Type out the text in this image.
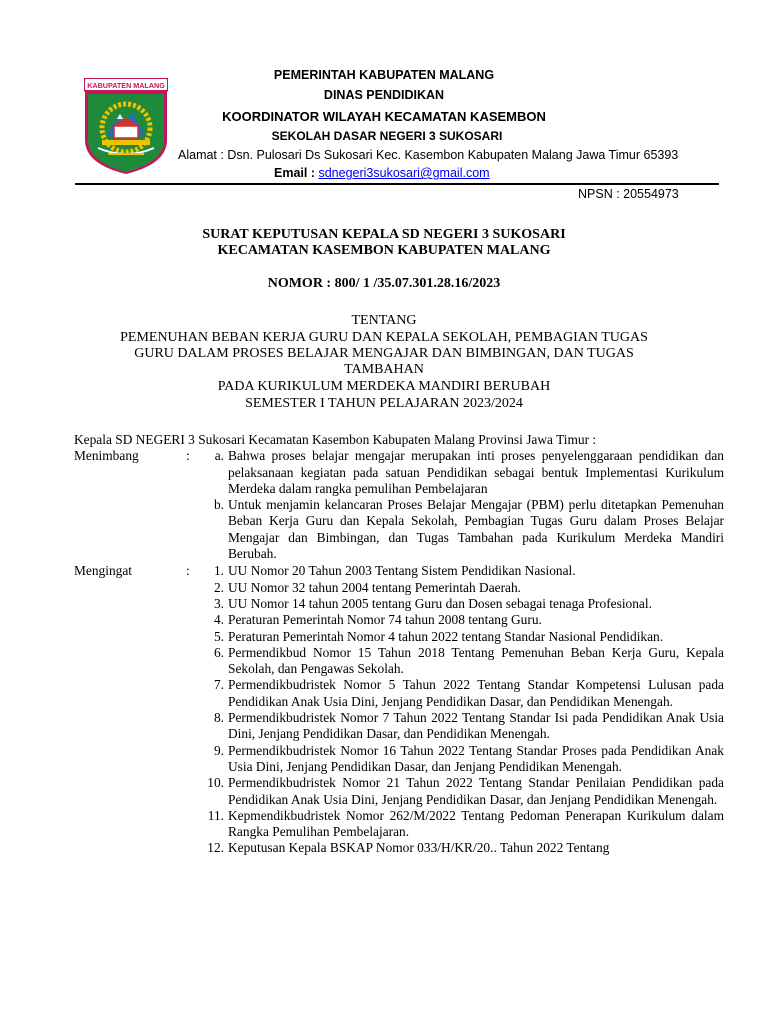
KABUPATEN MALANG
PEMERINTAH KABUPATEN MALANG
DINAS PENDIDIKAN
KOORDINATOR WILAYAH KECAMATAN KASEMBON
SEKOLAH DASAR NEGERI 3 SUKOSARI
Alamat : Dsn. Pulosari Ds Sukosari Kec. Kasembon Kabupaten Malang Jawa Timur 65393
Email : sdnegeri3sukosari@gmail.com
NPSN : 20554973
SURAT KEPUTUSAN KEPALA SD NEGERI 3 SUKOSARI
KECAMATAN KASEMBON KABUPATEN MALANG
NOMOR : 800/ 1 /35.07.301.28.16/2023
TENTANG
PEMENUHAN BEBAN KERJA GURU DAN KEPALA SEKOLAH, PEMBAGIAN TUGAS
GURU DALAM PROSES BELAJAR MENGAJAR DAN BIMBINGAN, DAN TUGAS
TAMBAHAN
PADA KURIKULUM MERDEKA MANDIRI BERUBAH
SEMESTER I TAHUN PELAJARAN 2023/2024
Kepala SD NEGERI 3 Sukosari Kecamatan Kasembon Kabupaten Malang Provinsi Jawa Timur :
Menimbang	:	a. Bahwa proses belajar mengajar merupakan inti proses penyelenggaraan pendidikan dan pelaksanaan kegiatan pada satuan Pendidikan sebagai bentuk Implementasi Kurikulum Merdeka dalam rangka pemulihan Pembelajaran
b. Untuk menjamin kelancaran Proses Belajar Mengajar (PBM) perlu ditetapkan Pemenuhan Beban Kerja Guru dan Kepala Sekolah, Pembagian Tugas Guru dalam Proses Belajar Mengajar dan Bimbingan, dan Tugas Tambahan pada Kurikulum Merdeka Mandiri Berubah.
Mengingat	:	1. UU Nomor 20 Tahun 2003 Tentang Sistem Pendidikan Nasional.
2. UU Nomor 32 tahun 2004 tentang Pemerintah Daerah.
3. UU Nomor 14 tahun 2005 tentang Guru dan Dosen sebagai tenaga Profesional.
4. Peraturan Pemerintah Nomor 74 tahun 2008 tentang Guru.
5. Peraturan Pemerintah Nomor 4 tahun 2022 tentang Standar Nasional Pendidikan.
6. Permendikbud Nomor 15 Tahun 2018 Tentang Pemenuhan Beban Kerja Guru, Kepala Sekolah, dan Pengawas Sekolah.
7. Permendikbudristek Nomor 5 Tahun 2022 Tentang Standar Kompetensi Lulusan pada Pendidikan Anak Usia Dini, Jenjang Pendidikan Dasar, dan Pendidikan Menengah.
8. Permendikbudristek Nomor 7 Tahun 2022 Tentang Standar Isi pada Pendidikan Anak Usia Dini, Jenjang Pendidikan Dasar, dan Pendidikan Menengah.
9. Permendikbudristek Nomor 16 Tahun 2022 Tentang Standar Proses pada Pendidikan Anak Usia Dini, Jenjang Pendidikan Dasar, dan Jenjang Pendidikan Menengah.
10. Permendikbudristek Nomor 21 Tahun 2022 Tentang Standar Penilaian Pendidikan pada Pendidikan Anak Usia Dini, Jenjang Pendidikan Dasar, dan Jenjang Pendidikan Menengah.
11. Kepmendikbudristek Nomor 262/M/2022 Tentang Pedoman Penerapan Kurikulum dalam Rangka Pemulihan Pembelajaran.
12. Keputusan Kepala BSKAP Nomor 033/H/KR/20.. Tahun 2022 Tentang
